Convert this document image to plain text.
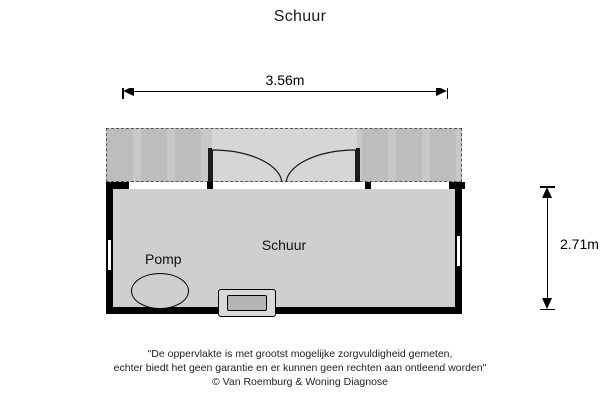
Schuur
3.56m
2.71m
Schuur
Pomp
"De oppervlakte is met grootst mogelijke zorgvuldigheid gemeten,
echter biedt het geen garantie en er kunnen geen rechten aan ontleend worden"
© Van Roemburg & Woning Diagnose
